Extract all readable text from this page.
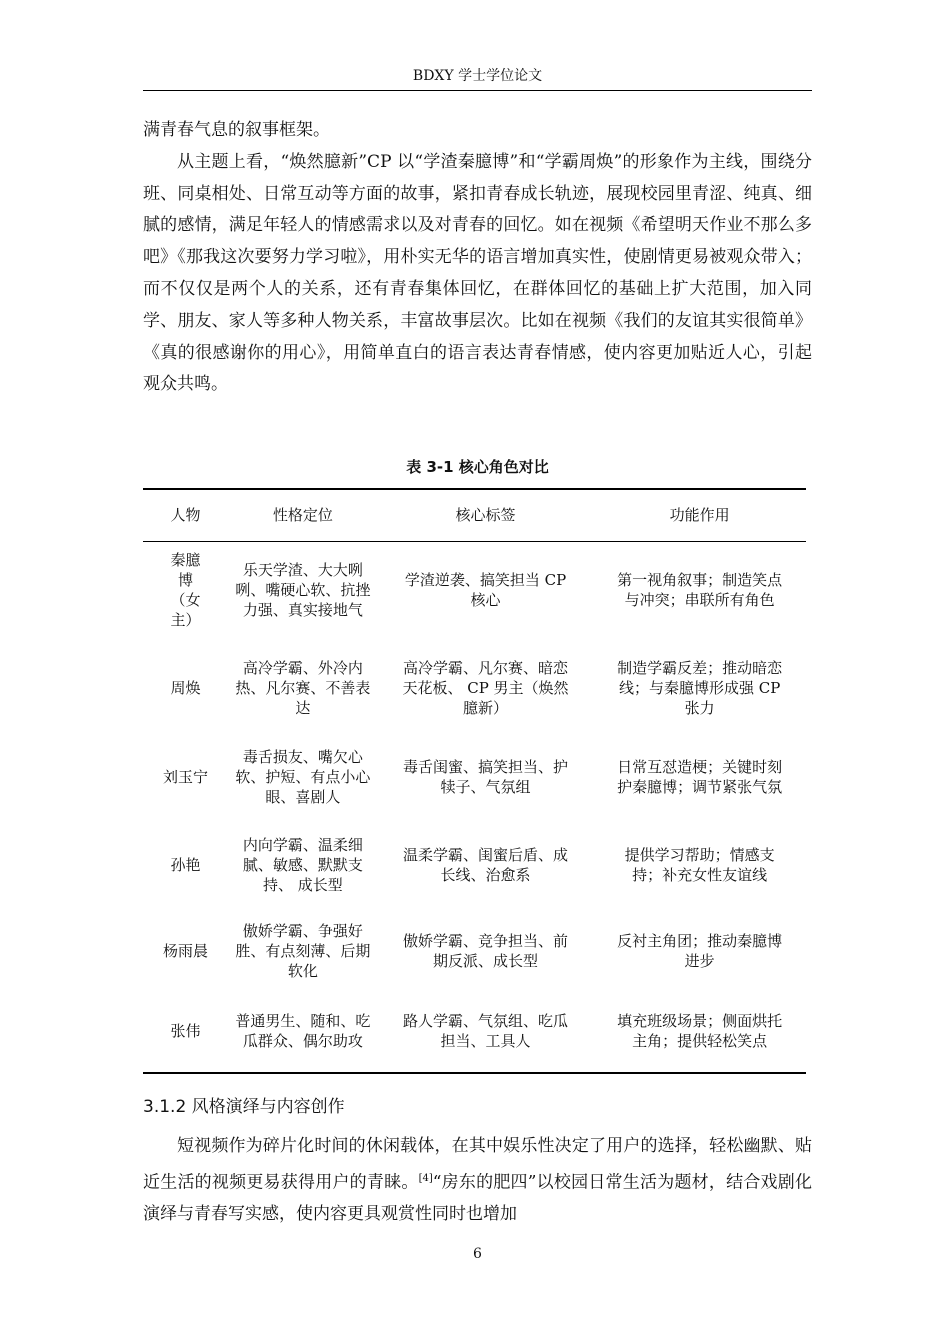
BDXY 学士学位论文

满青春气息的叙事框架。

从主题上看，“焕然臆新”CP 以“学渣秦臆博”和“学霸周焕”的形象作为主线，围绕分班、同桌相处、日常互动等方面的故事，紧扣青春成长轨迹，展现校园里青涩、纯真、细腻的感情，满足年轻人的情感需求以及对青春的回忆。如在视频《希望明天作业不那么多吧》《那我这次要努力学习啦》，用朴实无华的语言增加真实性，使剧情更易被观众带入；而不仅仅是两个人的关系，还有青春集体回忆，在群体回忆的基础上扩大范围，加入同学、朋友、家人等多种人物关系，丰富故事层次。比如在视频《我们的友谊其实很简单》《真的很感谢你的用心》，用简单直白的语言表达青春情感，使内容更加贴近人心，引起观众共鸣。

表 3-1 核心角色对比
人物	性格定位	核心标签	功能作用
秦臆博（女主）	乐天学渣、大大咧咧、嘴硬心软、抗挫力强、真实接地气	学渣逆袭、搞笑担当 CP 核心	第一视角叙事；制造笑点与冲突；串联所有角色
周焕	高冷学霸、外冷内热、凡尔赛、不善表达	高冷学霸、凡尔赛、暗恋天花板、 CP 男主（焕然臆新）	制造学霸反差；推动暗恋线；与秦臆博形成强 CP 张力
刘玉宁	毒舌损友、嘴欠心软、护短、有点小心眼、喜剧人	毒舌闺蜜、搞笑担当、护犊子、气氛组	日常互怼造梗；关键时刻护秦臆博；调节紧张气氛
孙艳	内向学霸、温柔细腻、敏感、默默支持、 成长型	温柔学霸、闺蜜后盾、成长线、治愈系	提供学习帮助；情感支持；补充女性友谊线
杨雨晨	傲娇学霸、争强好胜、有点刻薄、后期软化	傲娇学霸、竞争担当、前期反派、成长型	反衬主角团；推动秦臆博进步
张伟	普通男生、随和、吃瓜群众、偶尔助攻	路人学霸、气氛组、吃瓜担当、工具人	填充班级场景；侧面烘托主角；提供轻松笑点
3.1.2 风格演绎与内容创作

短视频作为碎片化时间的休闲载体，在其中娱乐性决定了用户的选择，轻松幽默、贴近生活的视频更易获得用户的青睐。[4]“房东的肥四”以校园日常生活为题材，结合戏剧化演绎与青春写实感，使内容更具观赏性同时也增加

6
